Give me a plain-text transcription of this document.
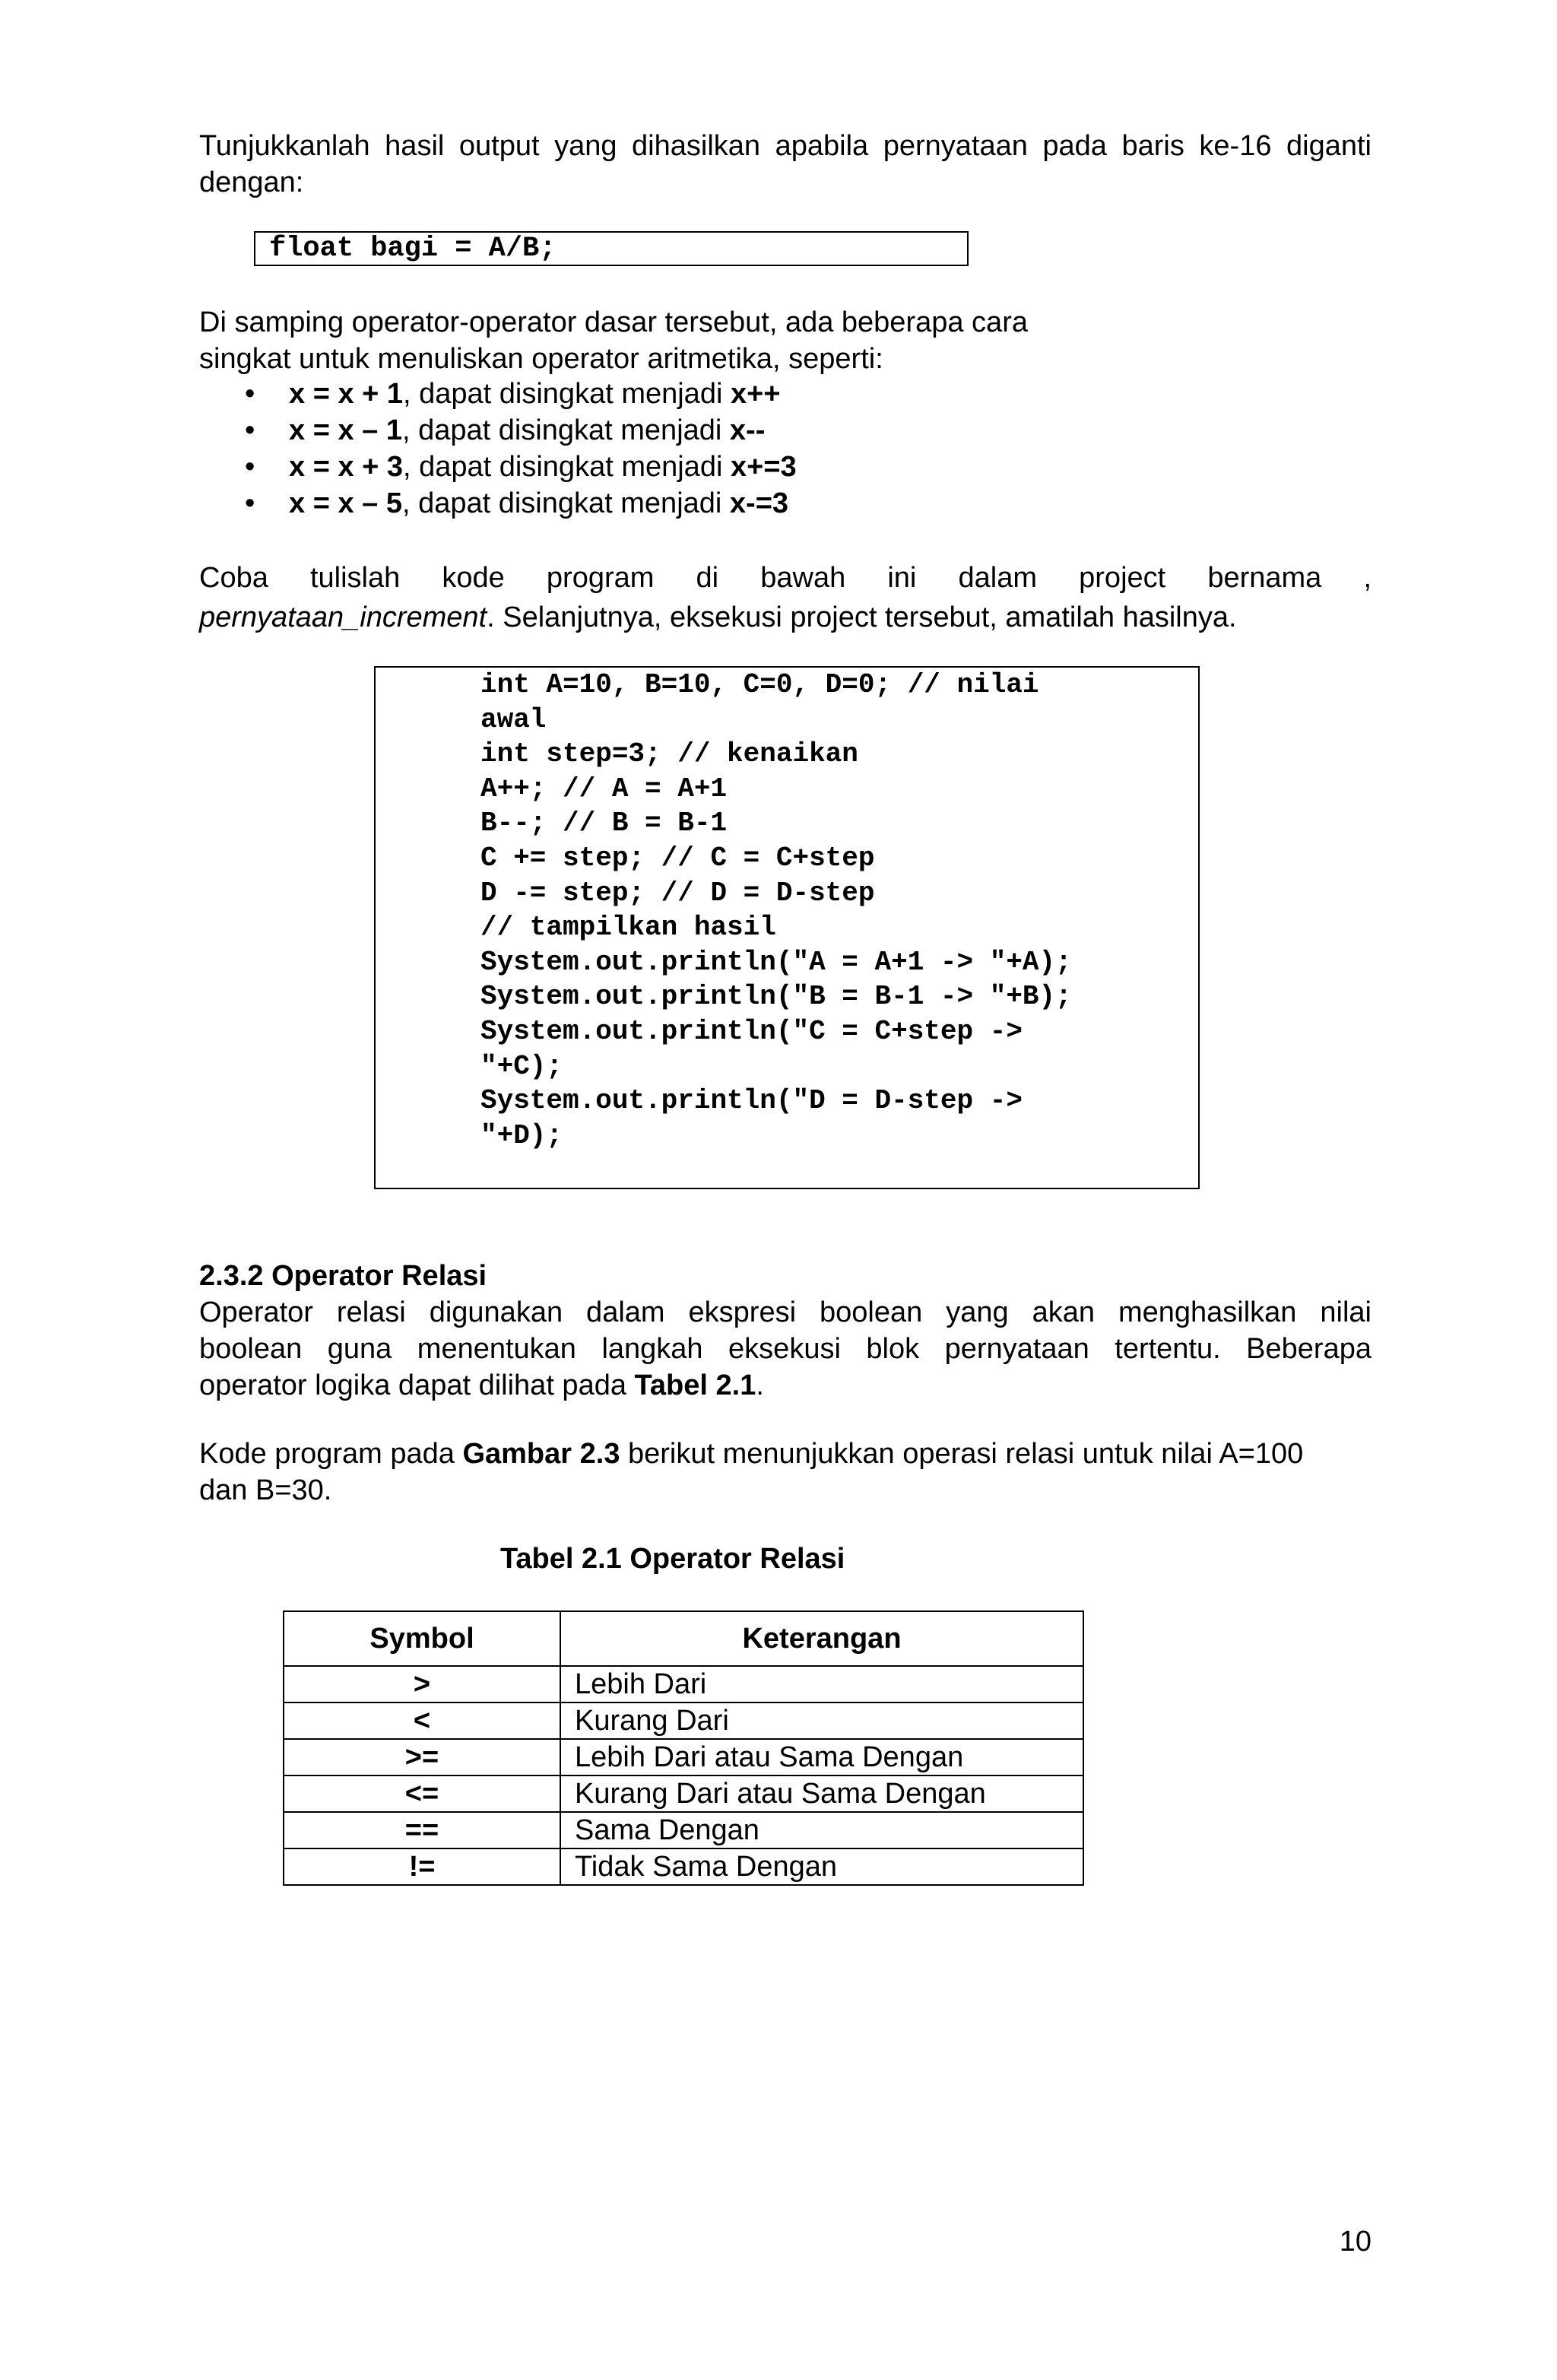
Tunjukkanlah hasil output yang dihasilkan apabila pernyataan pada baris ke-16 diganti
dengan:
float bagi = A/B;
Di samping operator-operator dasar tersebut, ada beberapa cara
singkat untuk menuliskan operator aritmetika, seperti:
• x = x + 1, dapat disingkat menjadi x++
• x = x – 1, dapat disingkat menjadi x--
• x = x + 3, dapat disingkat menjadi x+=3
• x = x – 5, dapat disingkat menjadi x-=3
Coba tulislah kode program di bawah ini dalam project bernama ,
pernyataan_increment. Selanjutnya, eksekusi project tersebut, amatilah hasilnya.
int A=10, B=10, C=0, D=0; // nilai
awal
int step=3; // kenaikan
A++; // A = A+1
B--; // B = B-1
C += step; // C = C+step
D -= step; // D = D-step
// tampilkan hasil
System.out.println("A = A+1 -> "+A);
System.out.println("B = B-1 -> "+B);
System.out.println("C = C+step ->
"+C);
System.out.println("D = D-step ->
"+D);
2.3.2 Operator Relasi
Operator relasi digunakan dalam ekspresi boolean yang akan menghasilkan nilai
boolean guna menentukan langkah eksekusi blok pernyataan tertentu. Beberapa
operator logika dapat dilihat pada Tabel 2.1.
Kode program pada Gambar 2.3 berikut menunjukkan operasi relasi untuk nilai A=100
dan B=30.
Tabel 2.1 Operator Relasi
Symbol	Keterangan
>	Lebih Dari
<	Kurang Dari
>=	Lebih Dari atau Sama Dengan
<=	Kurang Dari atau Sama Dengan
==	Sama Dengan
!=	Tidak Sama Dengan
10
